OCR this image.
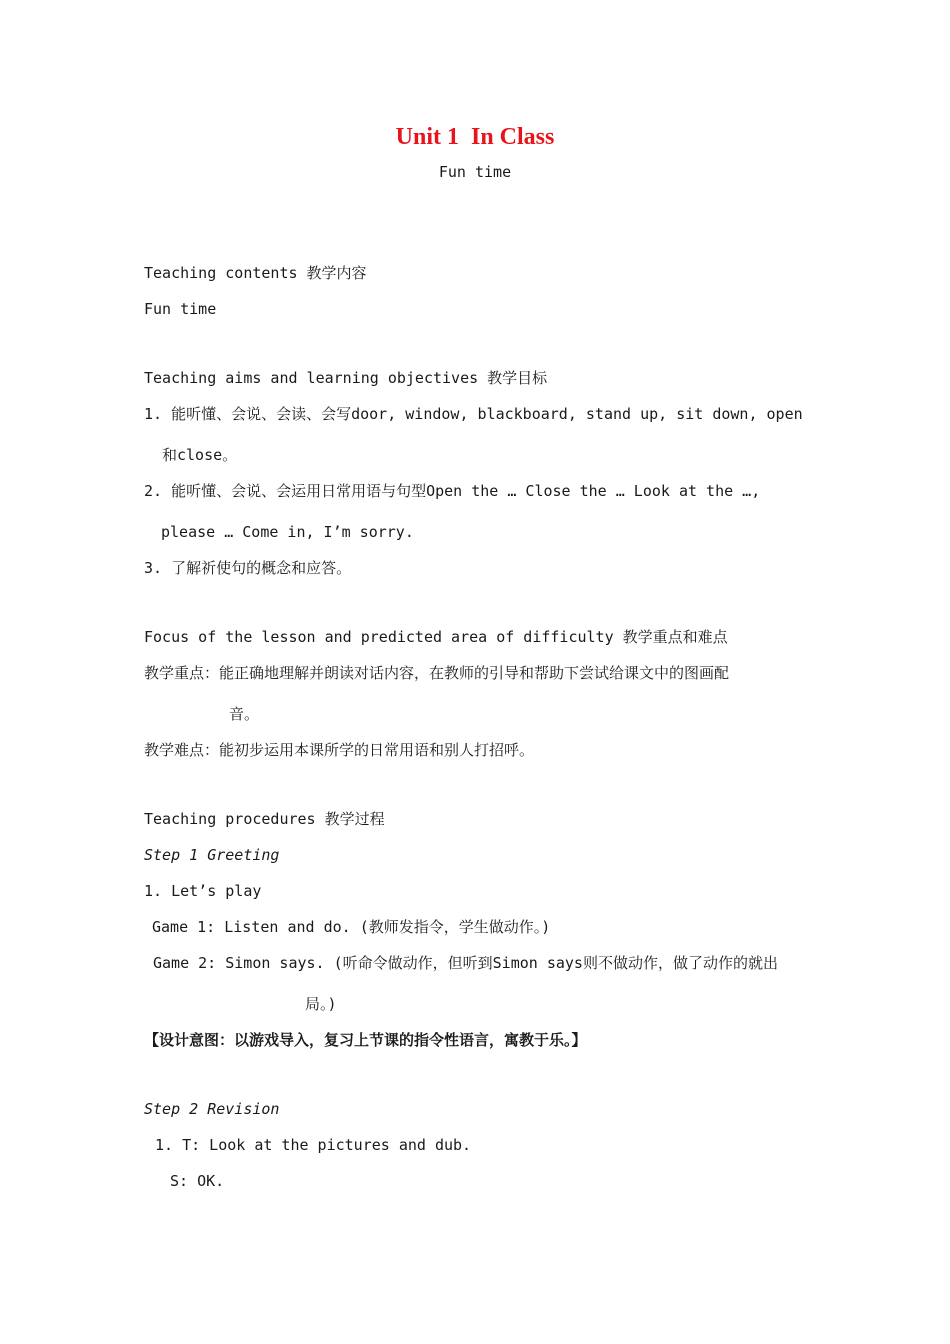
Unit 1  In Class
Fun time
Teaching contents 教学内容
Fun time
Teaching aims and learning objectives 教学目标
1. 能听懂、会说、会读、会写door, window, blackboard, stand up, sit down, open
和close。
2. 能听懂、会说、会运用日常用语与句型Open the … Close the … Look at the …,
please … Come in, I’m sorry.
3. 了解祈使句的概念和应答。
Focus of the lesson and predicted area of difficulty 教学重点和难点
教学重点：能正确地理解并朗读对话内容，在教师的引导和帮助下尝试给课文中的图画配
音。
教学难点：能初步运用本课所学的日常用语和别人打招呼。
Teaching procedures 教学过程
Step 1 Greeting
1. Let’s play
Game 1: Listen and do. (教师发指令，学生做动作。)
Game 2: Simon says. (听命令做动作，但听到Simon says则不做动作，做了动作的就出
局。)
【设计意图：以游戏导入，复习上节课的指令性语言，寓教于乐。】
Step 2 Revision
1. T: Look at the pictures and dub.
S: OK.
